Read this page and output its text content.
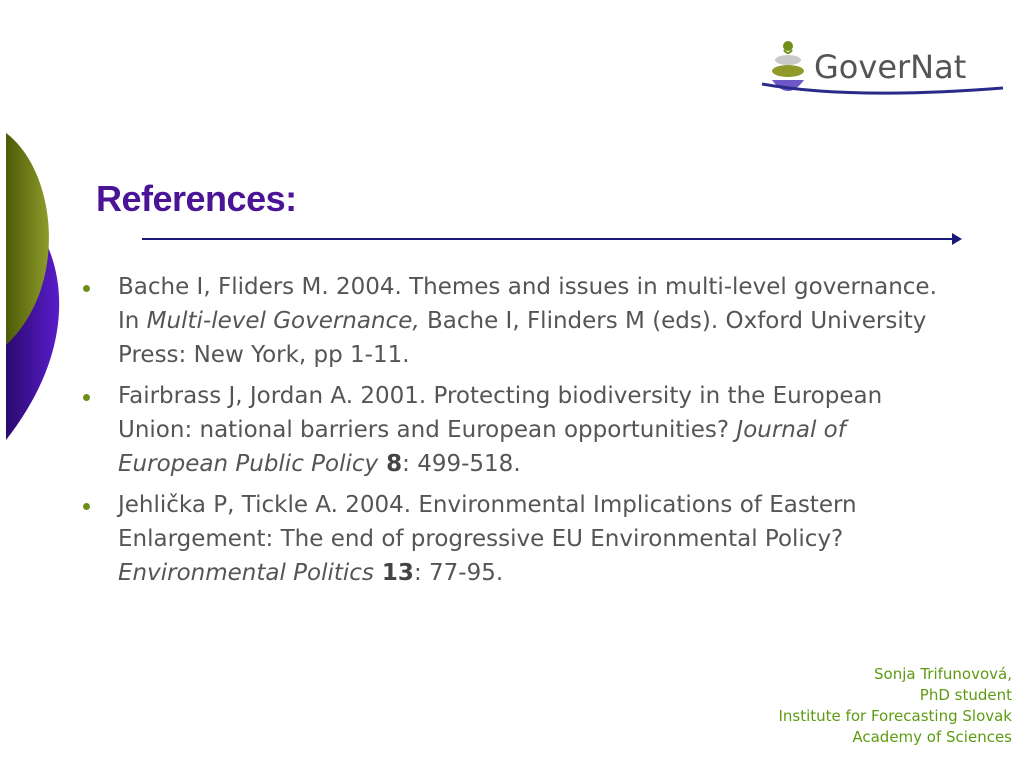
GoverNat
References:
Bache I, Fliders M. 2004. Themes and issues in multi-level governance. In Multi-level Governance, Bache I, Flinders M (eds). Oxford University Press: New York, pp 1-11.
Fairbrass J, Jordan A. 2001. Protecting biodiversity in the European Union: national barriers and European opportunities? Journal of European Public Policy 8: 499-518.
Jehlička P, Tickle A. 2004. Environmental Implications of Eastern Enlargement: The end of progressive EU Environmental Policy? Environmental Politics 13: 77-95.
Sonja Trifunovová,
PhD student
Institute for Forecasting Slovak
Academy of Sciences
